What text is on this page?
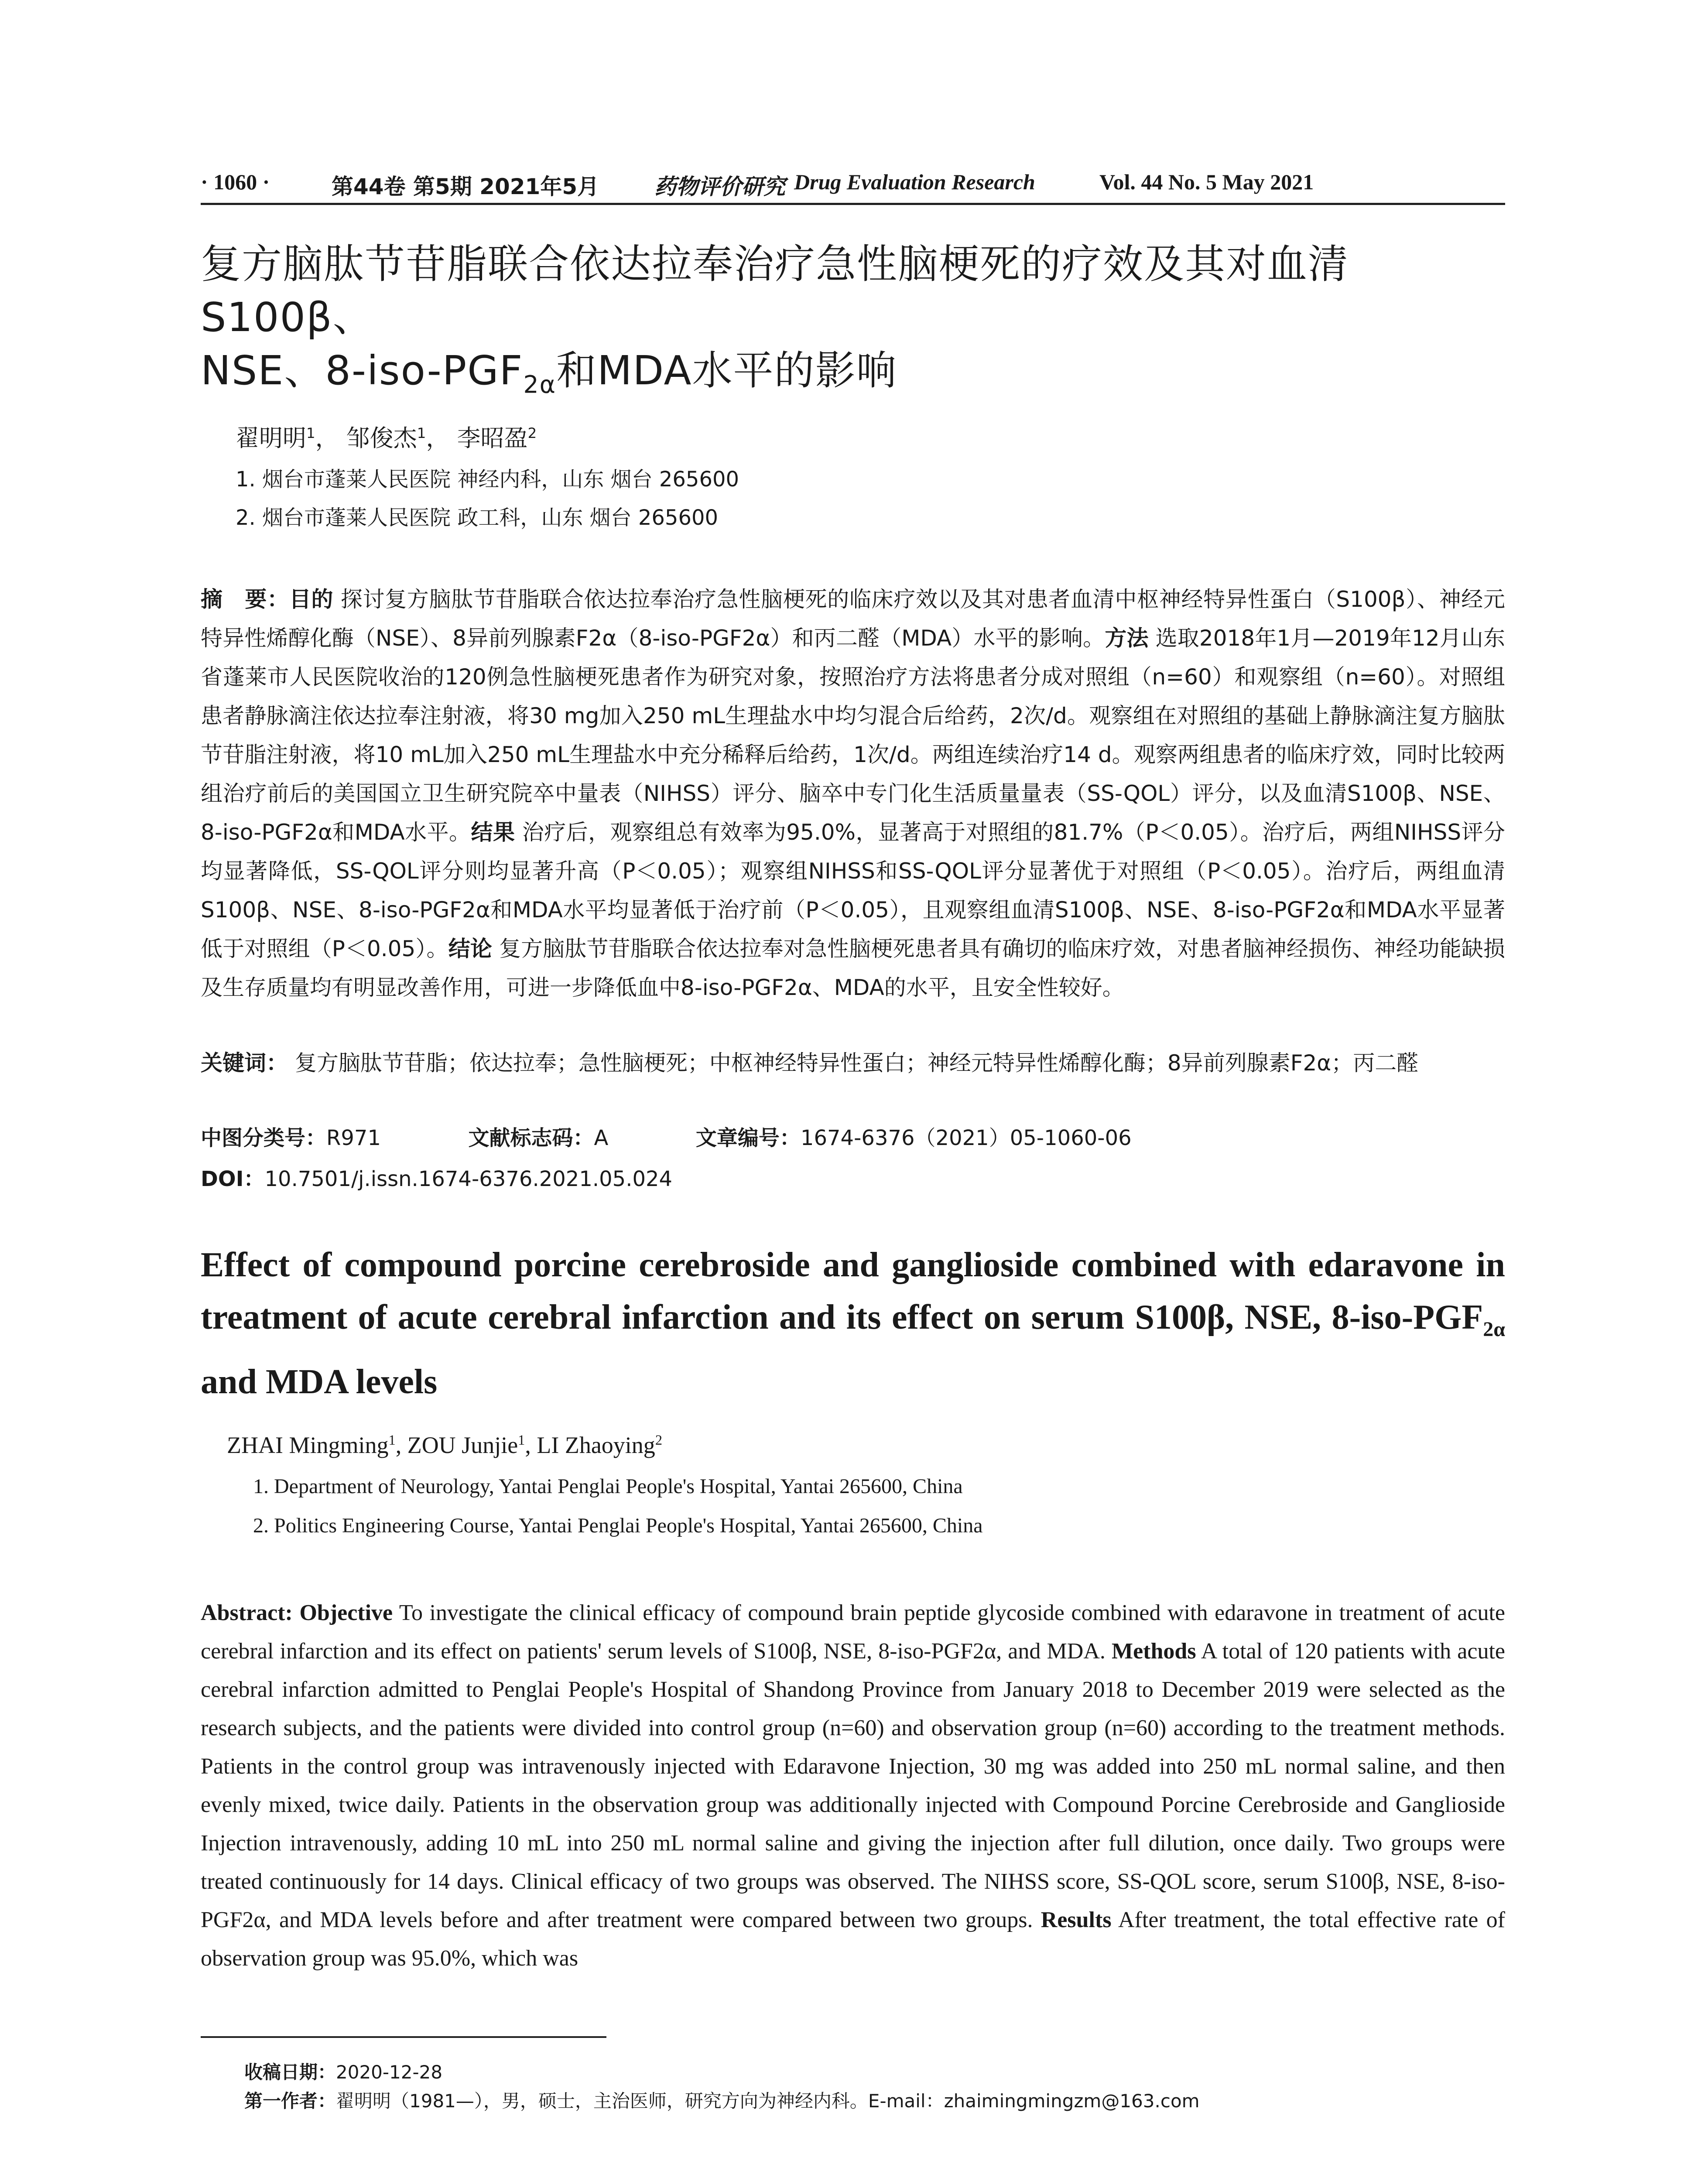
· 1060 ·	第44卷 第5期 2021年5月	药物评价研究 Drug Evaluation Research	Vol. 44 No. 5 May 2021
复方脑肽节苷脂联合依达拉奉治疗急性脑梗死的疗效及其对血清S100β、
NSE、$8-iso-PGF_{2\alpha}$和MDA水平的影响
翟明明$^1$， 邹俊杰$^1$， 李昭盈$^2$
1. 烟台市蓬莱人民医院 神经内科，山东 烟台 265600
2. 烟台市蓬莱人民医院 政工科，山东 烟台 265600
摘　要：目的 探讨复方脑肽节苷脂联合依达拉奉治疗急性脑梗死的临床疗效以及其对患者血清中枢神经特异性蛋白（S100β）、神经元特异性烯醇化酶（NSE）、8异前列腺素F2α（8-iso-PGF2α）和丙二醛（MDA）水平的影响。方法 选取2018年1月—2019年12月山东省蓬莱市人民医院收治的120例急性脑梗死患者作为研究对象，按照治疗方法将患者分成对照组（n=60）和观察组（n=60）。对照组患者静脉滴注依达拉奉注射液，将30 mg加入250 mL生理盐水中均匀混合后给药，2次/d。观察组在对照组的基础上静脉滴注复方脑肽节苷脂注射液，将10 mL加入250 mL生理盐水中充分稀释后给药，1次/d。两组连续治疗14 d。观察两组患者的临床疗效，同时比较两组治疗前后的美国国立卫生研究院卒中量表（NIHSS）评分、脑卒中专门化生活质量量表（SS-QOL）评分，以及血清S100β、NSE、8-iso-PGF2α和MDA水平。结果 治疗后，观察组总有效率为95.0%，显著高于对照组的81.7%（P＜0.05）。治疗后，两组NIHSS评分均显著降低，SS-QOL评分则均显著升高（P＜0.05）；观察组NIHSS和SS-QOL评分显著优于对照组（P＜0.05）。治疗后，两组血清S100β、NSE、8-iso-PGF2α和MDA水平均显著低于治疗前（P＜0.05），且观察组血清S100β、NSE、8-iso-PGF2α和MDA水平显著低于对照组（P＜0.05）。结论 复方脑肽节苷脂联合依达拉奉对急性脑梗死患者具有确切的临床疗效，对患者脑神经损伤、神经功能缺损及生存质量均有明显改善作用，可进一步降低血中8-iso-PGF2α、MDA的水平，且安全性较好。
关键词： 复方脑肽节苷脂；依达拉奉；急性脑梗死；中枢神经特异性蛋白；神经元特异性烯醇化酶；8异前列腺素F2α；丙二醛
中图分类号：R971	文献标志码：A	文章编号：1674-6376（2021）05-1060-06
DOI：10.7501/j.issn.1674-6376.2021.05.024
Effect of compound porcine cerebroside and ganglioside combined with edaravone in treatment of acute cerebral infarction and its effect on serum S100β, NSE, $8-iso-PGF_{2\alpha}$ and MDA levels
ZHAI Mingming$^1$, ZOU Junjie$^1$, LI Zhaoying$^2$
1. Department of Neurology, Yantai Penglai People's Hospital, Yantai 265600, China
2. Politics Engineering Course, Yantai Penglai People's Hospital, Yantai 265600, China
Abstract: Objective To investigate the clinical efficacy of compound brain peptide glycoside combined with edaravone in treatment of acute cerebral infarction and its effect on patients' serum levels of S100β, NSE, 8-iso-PGF2α, and MDA. Methods A total of 120 patients with acute cerebral infarction admitted to Penglai People's Hospital of Shandong Province from January 2018 to December 2019 were selected as the research subjects, and the patients were divided into control group (n=60) and observation group (n=60) according to the treatment methods. Patients in the control group was intravenously injected with Edaravone Injection, 30 mg was added into 250 mL normal saline, and then evenly mixed, twice daily. Patients in the observation group was additionally injected with Compound Porcine Cerebroside and Ganglioside Injection intravenously, adding 10 mL into 250 mL normal saline and giving the injection after full dilution, once daily. Two groups were treated continuously for 14 days. Clinical efficacy of two groups was observed. The NIHSS score, SS-QOL score, serum S100β, NSE, 8-iso-PGF2α, and MDA levels before and after treatment were compared between two groups. Results After treatment, the total effective rate of observation group was 95.0%, which was
收稿日期：2020-12-28
第一作者：翟明明（1981—），男，硕士，主治医师，研究方向为神经内科。E-mail：zhaimingmingzm@163.com
